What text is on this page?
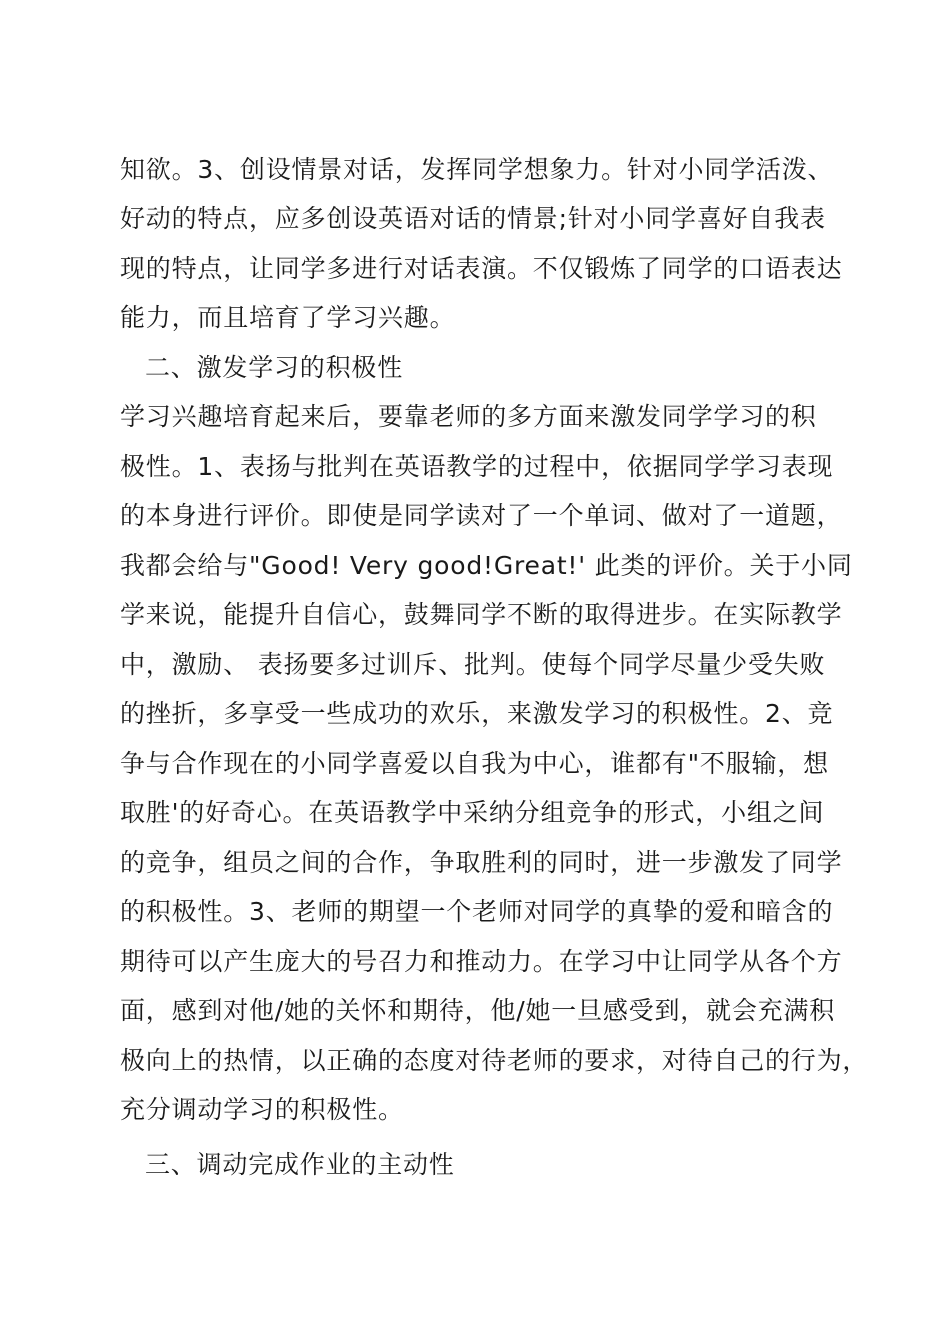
知欲。3、创设情景对话，发挥同学想象力。针对小同学活泼、
好动的特点，应多创设英语对话的情景;针对小同学喜好自我表
现的特点，让同学多进行对话表演。不仅锻炼了同学的口语表达
能力，而且培育了学习兴趣。
二、激发学习的积极性
学习兴趣培育起来后，要靠老师的多方面来激发同学学习的积
极性。1、表扬与批判在英语教学的过程中，依据同学学习表现
的本身进行评价。即使是同学读对了一个单词、做对了一道题，
我都会给与"Good! Very good!Great!' 此类的评价。关于小同
学来说，能提升自信心，鼓舞同学不断的取得进步。在实际教学
中，激励、 表扬要多过训斥、批判。使每个同学尽量少受失败
的挫折，多享受一些成功的欢乐，来激发学习的积极性。2、竞
争与合作现在的小同学喜爱以自我为中心，谁都有"不服输，想
取胜'的好奇心。在英语教学中采纳分组竞争的形式，小组之间
的竞争，组员之间的合作，争取胜利的同时，进一步激发了同学
的积极性。3、老师的期望一个老师对同学的真挚的爱和暗含的
期待可以产生庞大的号召力和推动力。在学习中让同学从各个方
面，感到对他/她的关怀和期待，他/她一旦感受到，就会充满积
极向上的热情，以正确的态度对待老师的要求，对待自己的行为，
充分调动学习的积极性。
三、调动完成作业的主动性
